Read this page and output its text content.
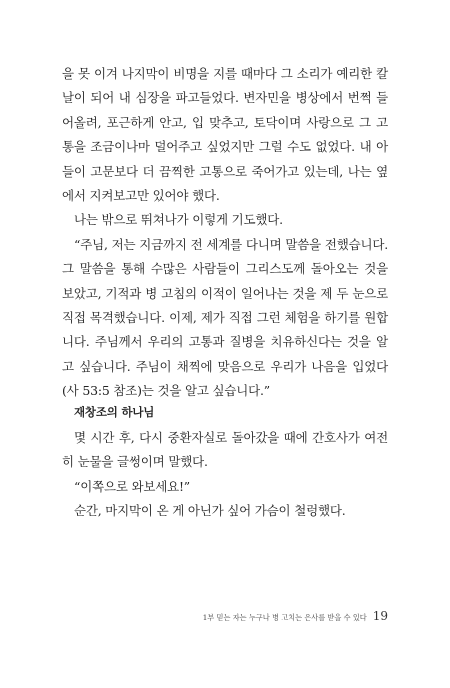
을 못 이겨 나지막이 비명을 지를 때마다 그 소리가 예리한 칼날이 되어 내 심장을 파고들었다. 변자민을 병상에서 번쩍 들어올려, 포근하게 안고, 입 맞추고, 토닥이며 사랑으로 그 고통을 조금이나마 덜어주고 싶었지만 그럴 수도 없었다. 내 아들이 고문보다 더 끔찍한 고통으로 죽어가고 있는데, 나는 옆에서 지켜보고만 있어야 했다.

나는 밖으로 뛰쳐나가 이렇게 기도했다.

“주님, 저는 지금까지 전 세계를 다니며 말씀을 전했습니다. 그 말씀을 통해 수많은 사람들이 그리스도께 돌아오는 것을 보았고, 기적과 병 고침의 이적이 일어나는 것을 제 두 눈으로 직접 목격했습니다. 이제, 제가 직접 그런 체험을 하기를 원합니다. 주님께서 우리의 고통과 질병을 치유하신다는 것을 알고 싶습니다. 주님이 채찍에 맞음으로 우리가 나음을 입었다(사 53:5 참조)는 것을 알고 싶습니다.”

재창조의 하나님

몇 시간 후, 다시 중환자실로 돌아갔을 때에 간호사가 여전히 눈물을 글썽이며 말했다.

“이쪽으로 와보세요!”

순간, 마지막이 온 게 아닌가 싶어 가슴이 철렁했다.

1부 믿는 자는 누구나 병 고치는 은사를 받을 수 있다 19
